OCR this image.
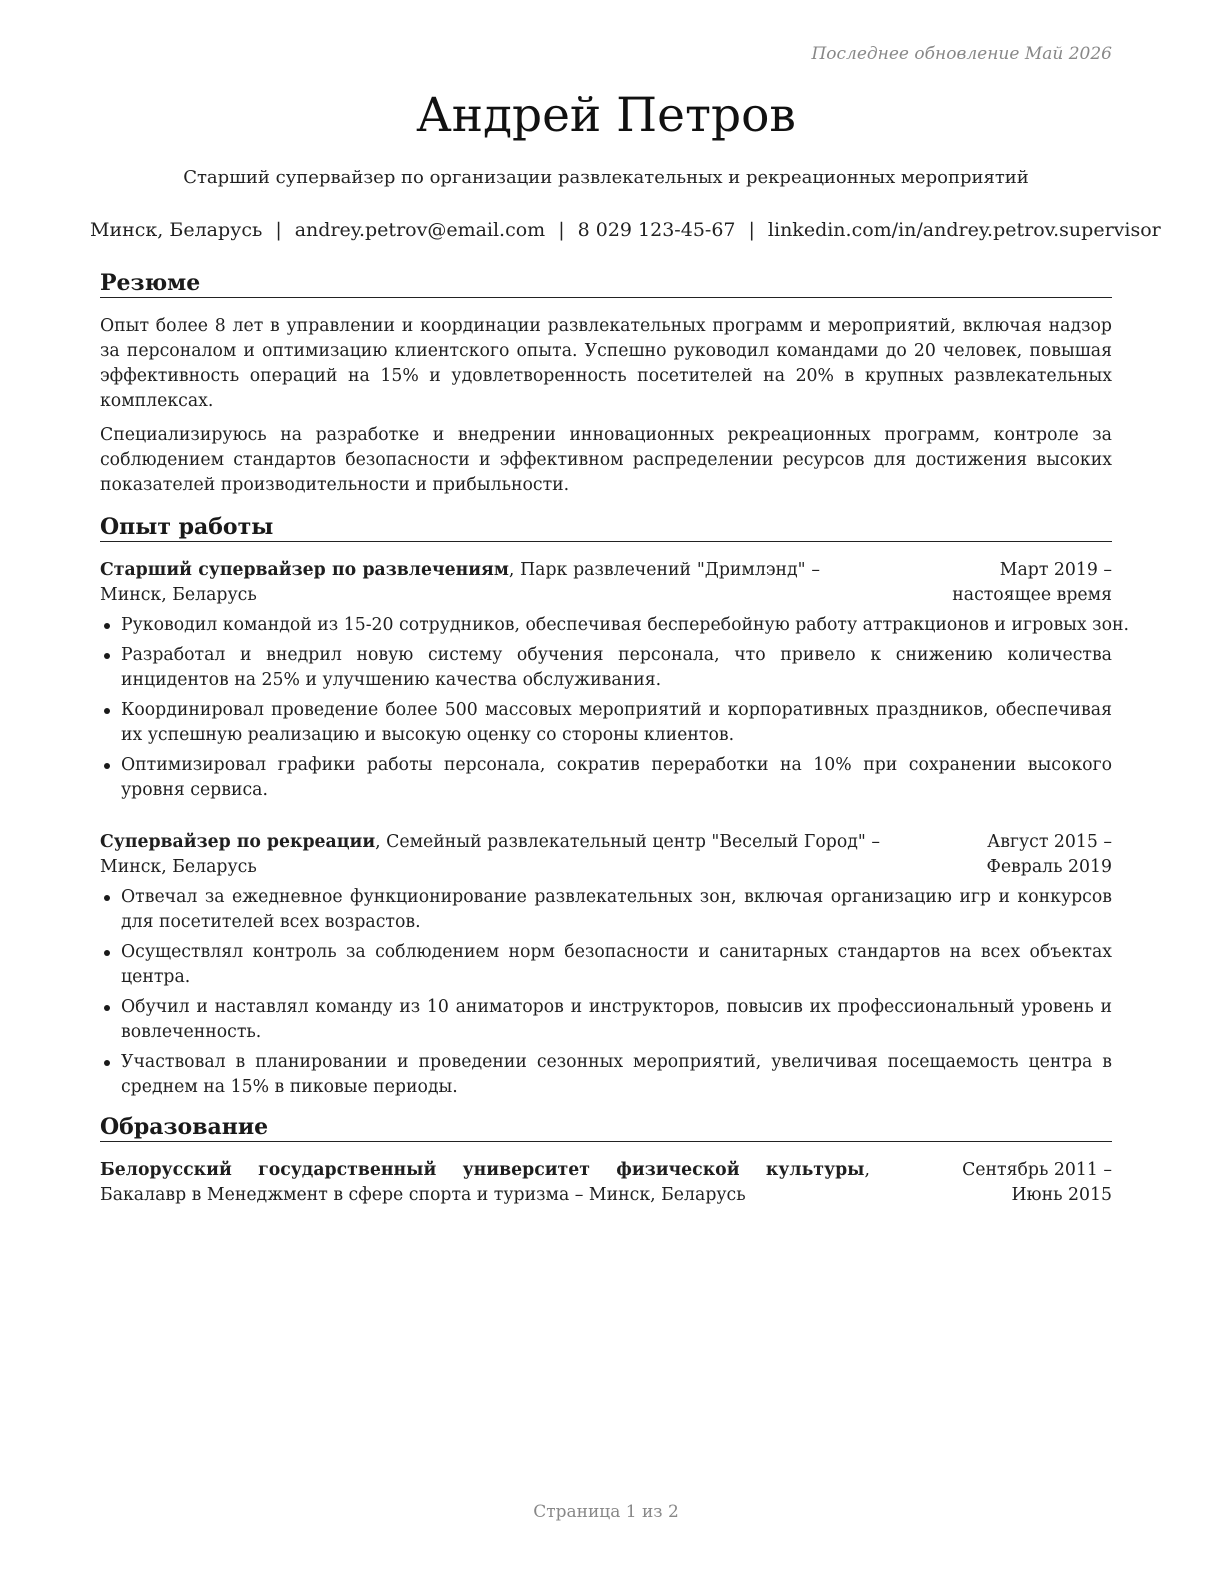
Последнее обновление Май 2026
Андрей Петров
Старший супервайзер по организации развлекательных и рекреационных мероприятий
Минск, Беларусь | andrey.petrov@email.com | 8 029 123-45-67 | linkedin.com/in/andrey.petrov.supervisor
Резюме

Опыт более 8 лет в управлении и координации развлекательных программ и мероприятий, включая надзор за персоналом и оптимизацию клиентского опыта. Успешно руководил командами до 20 человек, повышая эффективность операций на 15% и удовлетворенность посетителей на 20% в крупных развлекательных комплексах.

Специализируюсь на разработке и внедрении инновационных рекреационных программ, контроле за соблюдением стандартов безопасности и эффективном распределении ресурсов для достижения высоких показателей производительности и прибыльности.

Опыт работы
Старший супервайзер по развлечениям, Парк развлечений "Дримлэнд" – Минск, Беларусь
Март 2019 – настоящее время
Руководил командой из 15-20 сотрудников, обеспечивая бесперебойную работу аттракционов и игровых зон.
Разработал и внедрил новую систему обучения персонала, что привело к снижению количества инцидентов на 25% и улучшению качества обслуживания.
Координировал проведение более 500 массовых мероприятий и корпоративных праздников, обеспечивая их успешную реализацию и высокую оценку со стороны клиентов.
Оптимизировал графики работы персонала, сократив переработки на 10% при сохранении высокого уровня сервиса.
Супервайзер по рекреации, Семейный развлекательный центр "Веселый Город" – Минск, Беларусь
Август 2015 – Февраль 2019
Отвечал за ежедневное функционирование развлекательных зон, включая организацию игр и конкурсов для посетителей всех возрастов.
Осуществлял контроль за соблюдением норм безопасности и санитарных стандартов на всех объектах центра.
Обучил и наставлял команду из 10 аниматоров и инструкторов, повысив их профессиональный уровень и вовлеченность.
Участвовал в планировании и проведении сезонных мероприятий, увеличивая посещаемость центра в среднем на 15% в пиковые периоды.
Образование
Белорусский государственный университет физической культуры, Бакалавр в Менеджмент в сфере спорта и туризма – Минск, Беларусь
Сентябрь 2011 – Июнь 2015
Страница 1 из 2
